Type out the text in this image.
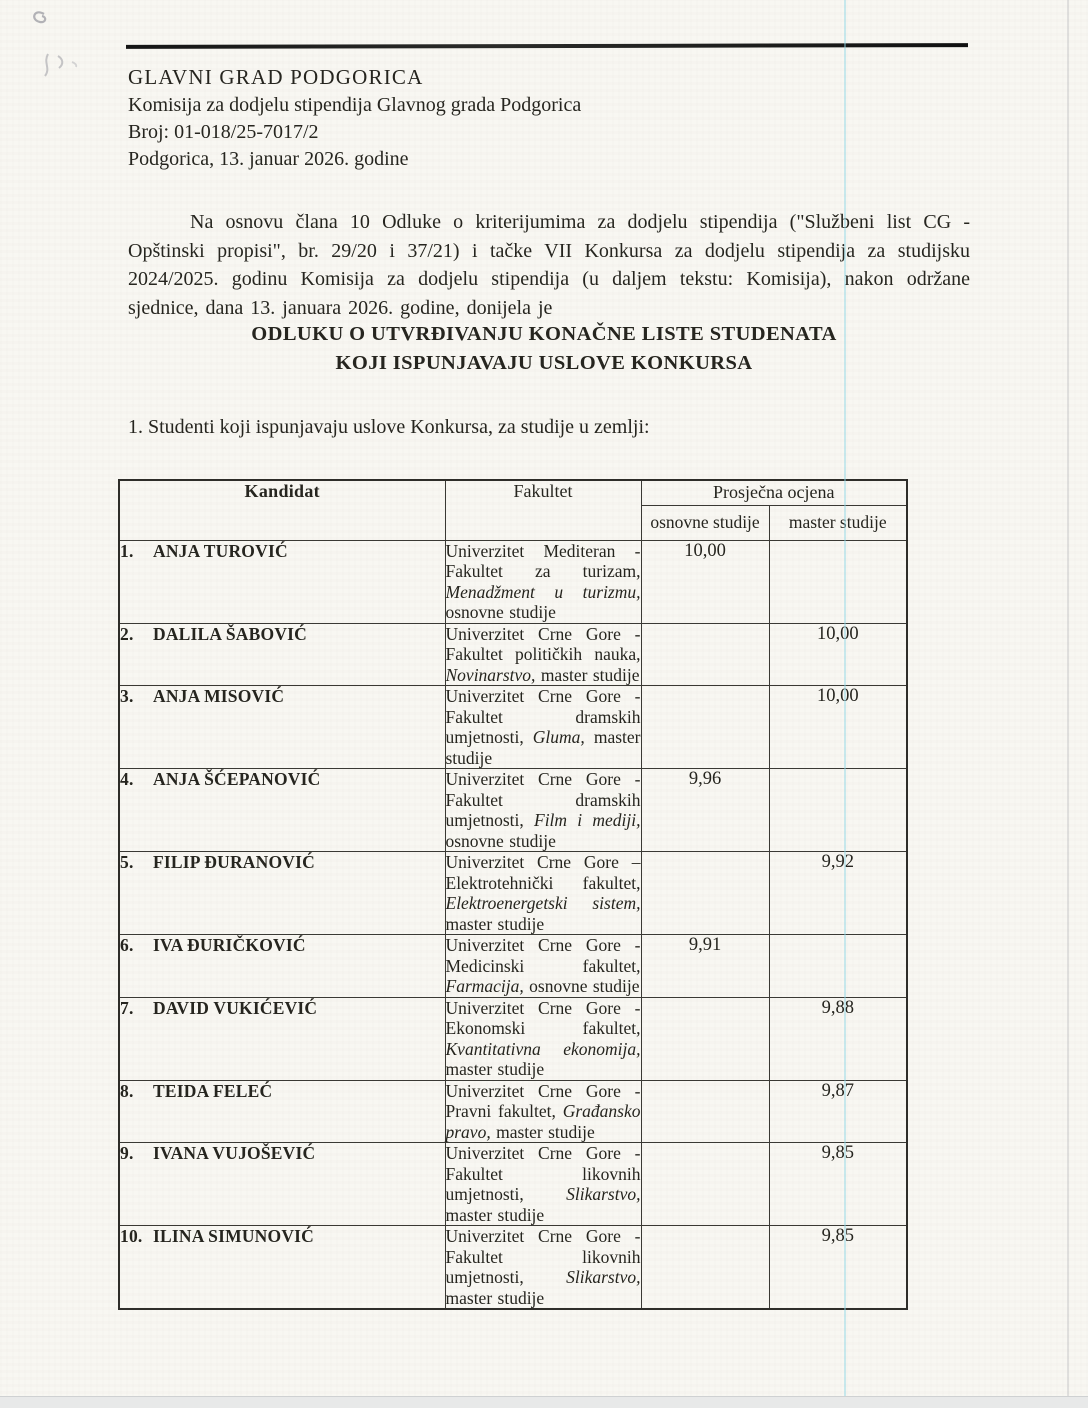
GLAVNI GRAD PODGORICA
Komisija za dodjelu stipendija Glavnog grada Podgorica
Broj: 01-018/25-7017/2
Podgorica, 13. januar 2026. godine

Na osnovu člana 10 Odluke o kriterijumima za dodjelu stipendija ("Službeni list CG - Opštinski propisi", br. 29/20 i 37/21) i tačke VII Konkursa za dodjelu stipendija za studijsku 2024/2025. godinu Komisija za dodjelu stipendija (u daljem tekstu: Komisija), nakon održane sjednice, dana 13. januara 2026. godine, donijela je

ODLUKU O UTVRĐIVANJU KONAČNE LISTE STUDENATA
KOJI ISPUNJAVAJU USLOVE KONKURSA
1. Studenti koji ispunjavaju uslove Konkursa, za studije u zemlji:
Kandidat	Fakultet	Prosječna ocjena	
		osnovne studije	master studije
1. ANJA TUROVIĆ	Univerzitet Mediteran - Fakultet za turizam, Menadžment u turizmu, osnovne studije	10,00	
2. DALILA ŠABOVIĆ	Univerzitet Crne Gore - Fakultet političkih nauka, Novinarstvo, master studije		10,00
3. ANJA MISOVIĆ	Univerzitet Crne Gore - Fakultet dramskih umjetnosti, Gluma, master studije		10,00
4. ANJA ŠĆEPANOVIĆ	Univerzitet Crne Gore - Fakultet dramskih umjetnosti, Film i mediji, osnovne studije	9,96	
5. FILIP ĐURANOVIĆ	Univerzitet Crne Gore – Elektrotehnički fakultet, Elektroenergetski sistem, master studije		9,92
6. IVA ĐURIČKOVIĆ	Univerzitet Crne Gore - Medicinski fakultet, Farmacija, osnovne studije	9,91	
7. DAVID VUKIĆEVIĆ	Univerzitet Crne Gore - Ekonomski fakultet, Kvantitativna ekonomija, master studije		9,88
8. TEIDA FELEĆ	Univerzitet Crne Gore - Pravni fakultet, Građansko pravo, master studije		9,87
9. IVANA VUJOŠEVIĆ	Univerzitet Crne Gore - Fakultet likovnih umjetnosti, Slikarstvo, master studije		9,85
10. ILINA SIMUNOVIĆ	Univerzitet Crne Gore - Fakultet likovnih umjetnosti, Slikarstvo, master studije		9,85
